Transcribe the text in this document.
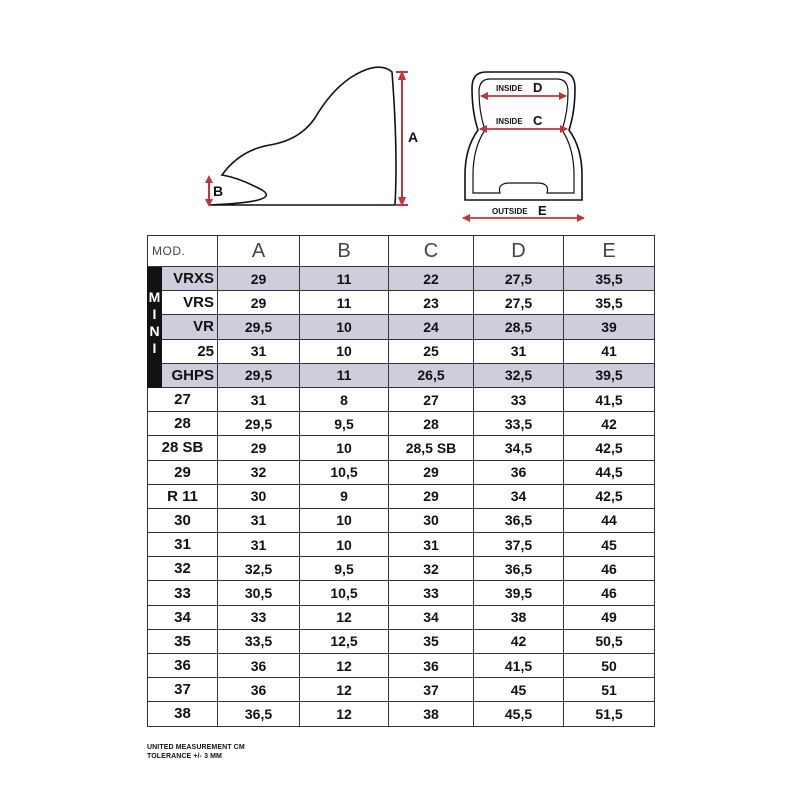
A
B
INSIDE D
INSIDE C
OUTSIDE E
MOD.		A	B	C	D	E

M
I
N
I	VRXS	29	11	22	27,5	35,5
	VRS	29	11	23	27,5	35,5
	VR	29,5	10	24	28,5	39
	25	31	10	25	31	41
	GHPS	29,5	11	26,5	32,5	39,5
27		31	8	27	33	41,5
28		29,5	9,5	28	33,5	42
28 SB		29	10	28,5 SB	34,5	42,5
29		32	10,5	29	36	44,5
R 11		30	9	29	34	42,5
30		31	10	30	36,5	44
31		31	10	31	37,5	45
32		32,5	9,5	32	36,5	46
33		30,5	10,5	33	39,5	46
34		33	12	34	38	49
35		33,5	12,5	35	42	50,5
36		36	12	36	41,5	50
37		36	12	37	45	51
38		36,5	12	38	45,5	51,5
UNITED MEASUREMENT CM
TOLERANCE +/- 3 MM
